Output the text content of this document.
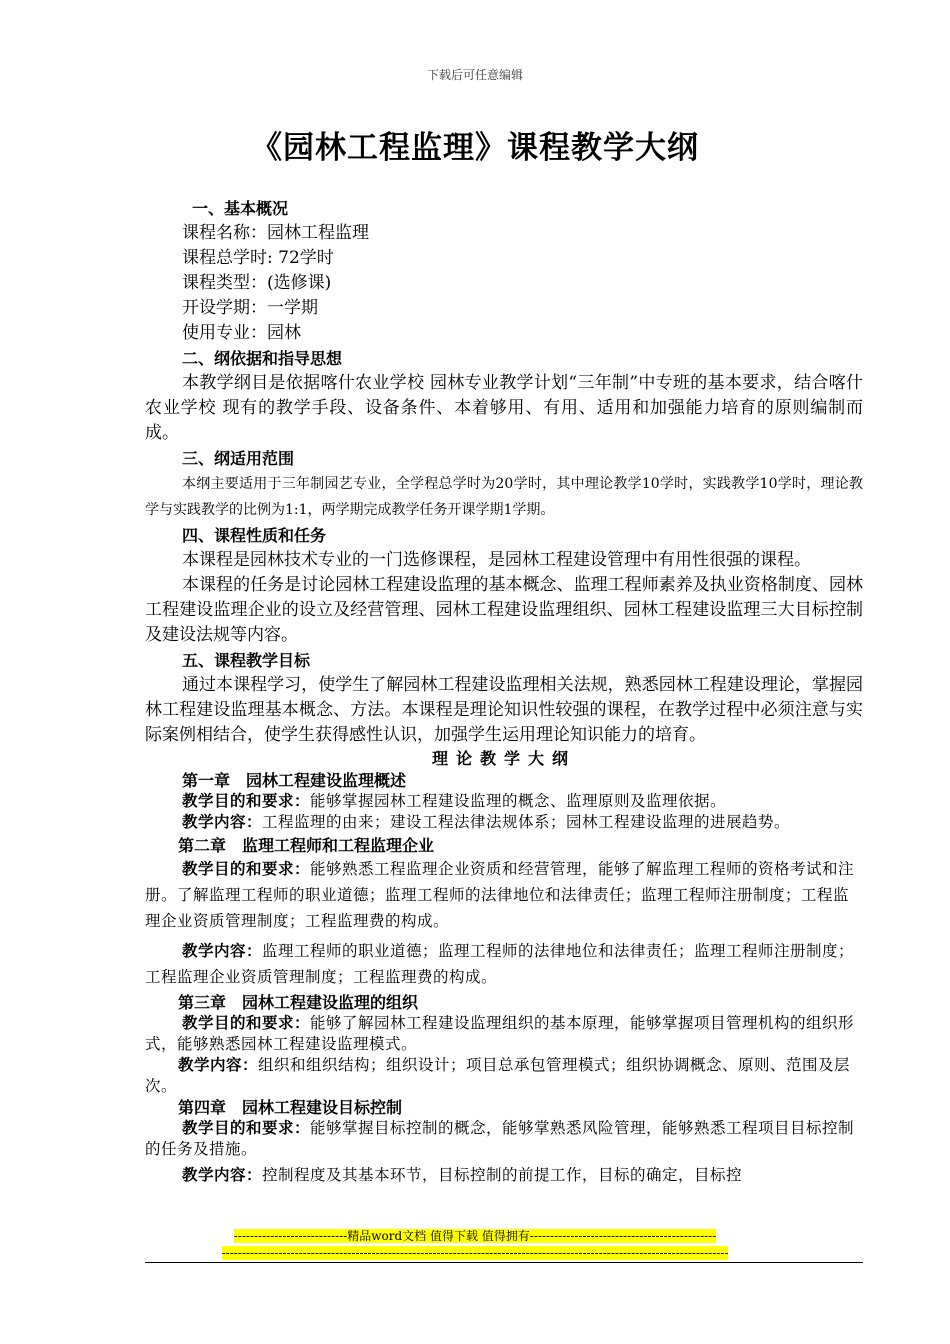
下载后可任意编辑
《园林工程监理》课程教学大纲

一、基本概况

课程名称：园林工程监理

课程总学时: 72学时

课程类型：(选修课)

开设学期：一学期

使用专业：园林

二、纲依据和指导思想

本教学纲目是依据喀什农业学校 园林专业教学计划“三年制”中专班的基本要求，结合喀什农业学校 现有的教学手段、设备条件、本着够用、有用、适用和加强能力培育的原则编制而成。

三、纲适用范围

本纲主要适用于三年制园艺专业，全学程总学时为20学时，其中理论教学10学时，实践教学10学时，理论教学与实践教学的比例为1:1，两学期完成教学任务开课学期1学期。

四、课程性质和任务

本课程是园林技术专业的一门选修课程，是园林工程建设管理中有用性很强的课程。

本课程的任务是讨论园林工程建设监理的基本概念、监理工程师素养及执业资格制度、园林工程建设监理企业的设立及经营管理、园林工程建设监理组织、园林工程建设监理三大目标控制及建设法规等内容。

五、课程教学目标

通过本课程学习，使学生了解园林工程建设监理相关法规，熟悉园林工程建设理论，掌握园林工程建设监理基本概念、方法。本课程是理论知识性较强的课程，在教学过程中必须注意与实际案例相结合，使学生获得感性认识，加强学生运用理论知识能力的培育。

理论教学大纲

第一章　园林工程建设监理概述

教学目的和要求：能够掌握园林工程建设监理的概念、监理原则及监理依据。

教学内容：工程监理的由来；建设工程法律法规体系；园林工程建设监理的进展趋势。

第二章　监理工程师和工程监理企业

教学目的和要求：能够熟悉工程监理企业资质和经营管理，能够了解监理工程师的资格考试和注册。了解监理工程师的职业道德；监理工程师的法律地位和法律责任；监理工程师注册制度；工程监理企业资质管理制度；工程监理费的构成。

教学内容：监理工程师的职业道德；监理工程师的法律地位和法律责任；监理工程师注册制度；工程监理企业资质管理制度；工程监理费的构成。

第三章　园林工程建设监理的组织

教学目的和要求：能够了解园林工程建设监理组织的基本原理，能够掌握项目管理机构的组织形式，能够熟悉园林工程建设监理模式。

教学内容：组织和组织结构；组织设计；项目总承包管理模式；组织协调概念、原则、范围及层次。

第四章　园林工程建设目标控制

教学目的和要求：能够掌握目标控制的概念，能够掌熟悉风险管理，能够熟悉工程项目目标控制的任务及措施。

教学内容：控制程度及其基本环节，目标控制的前提工作，目标的确定，目标控

----------------------------精品word文档 值得下载 值得拥有----------------------------------------------
-----------------------------------------------------------------------------------------------------------------------------
